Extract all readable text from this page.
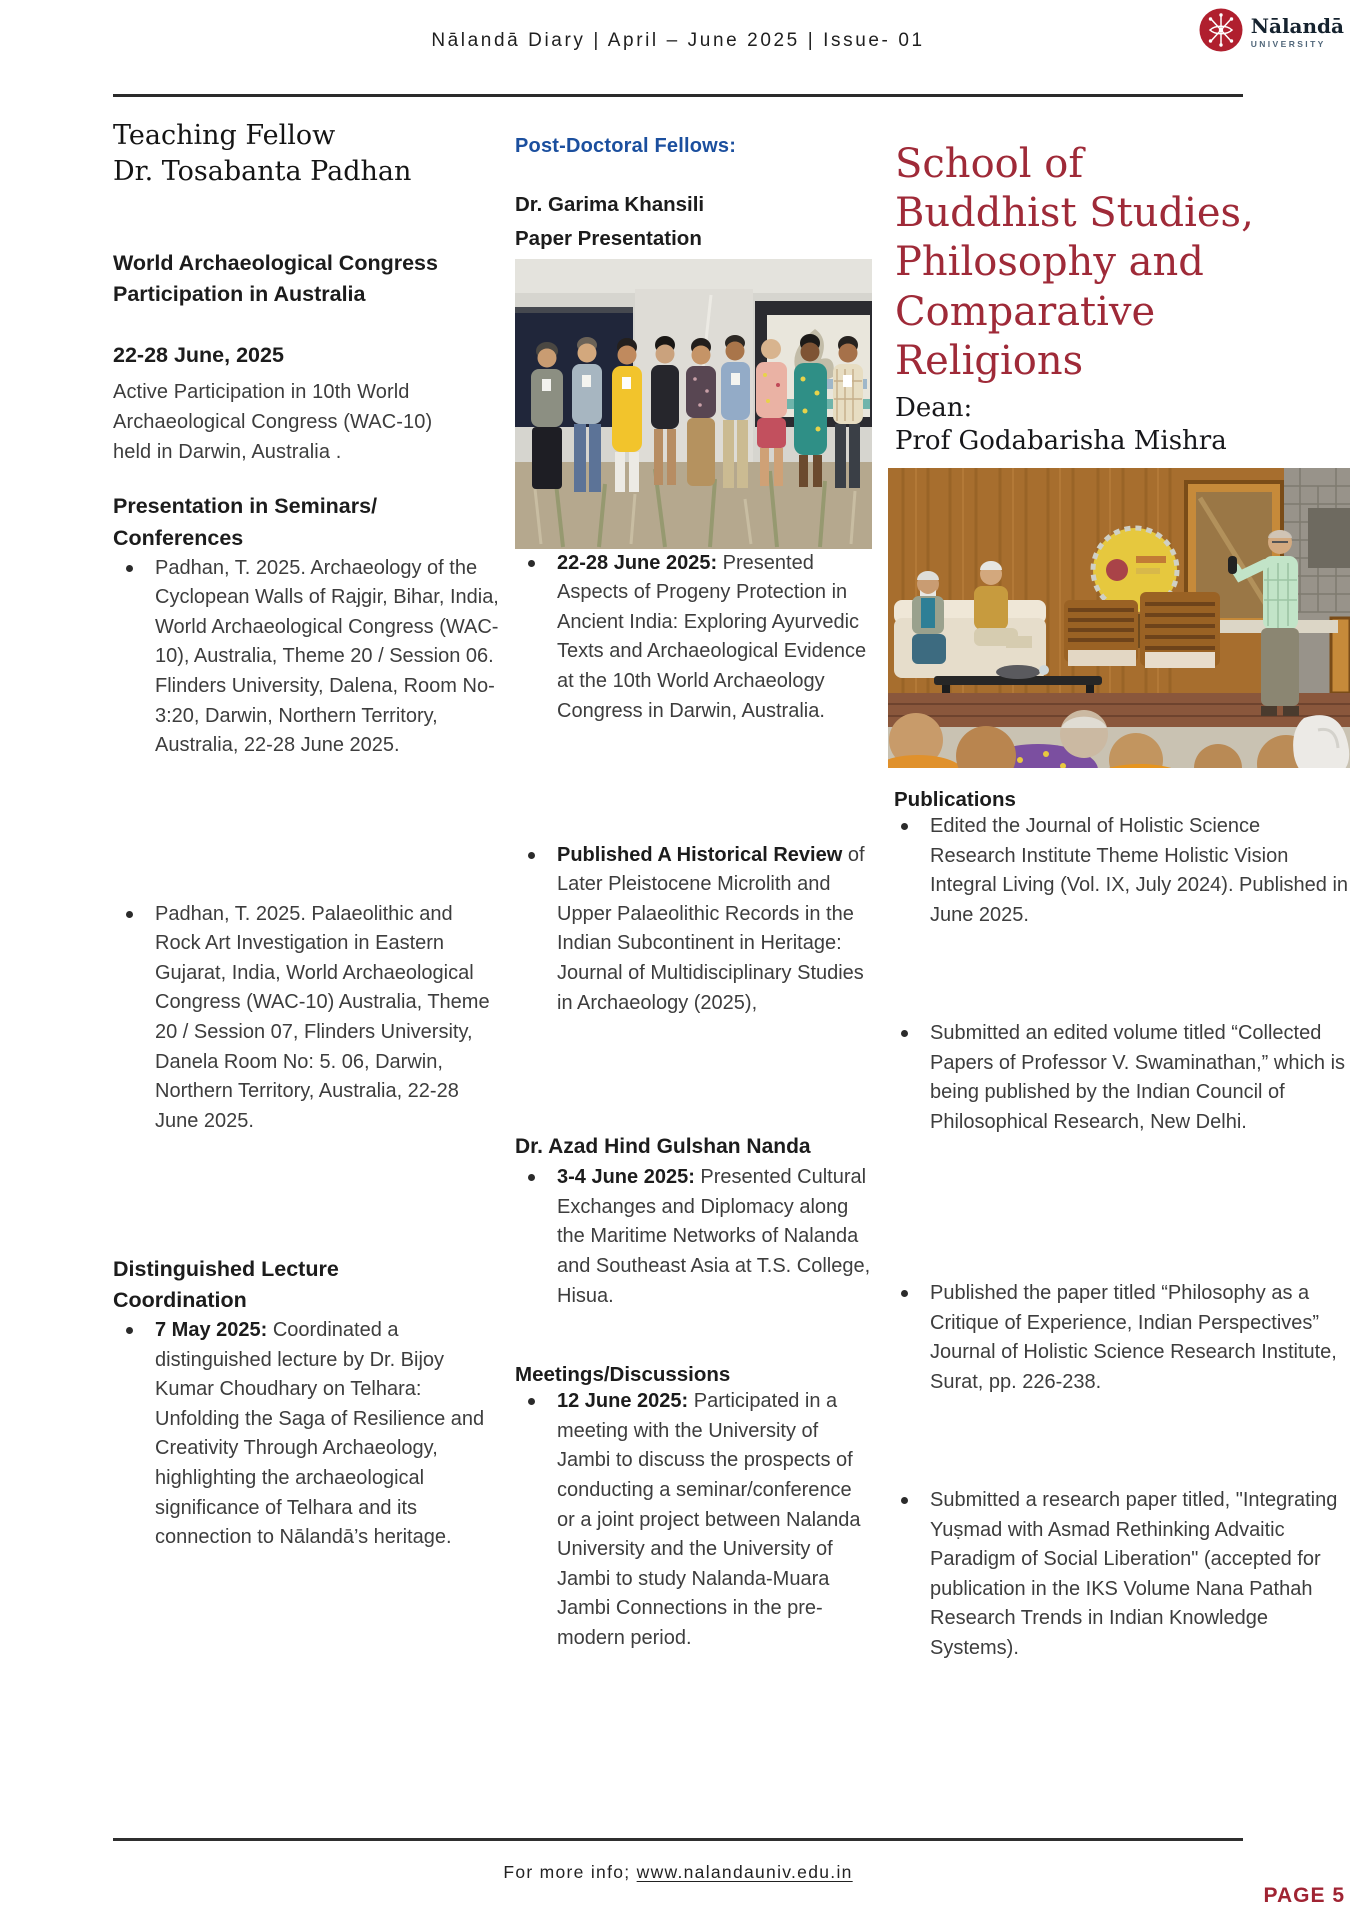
Nālandā Diary | April – June 2025 | Issue- 01
Nālandā
UNIVERSITY
Teaching Fellow
Dr. Tosabanta Padhan
World Archaeological Congress Participation in Australia
22-28 June, 2025
Active Participation in 10th World Archaeological Congress (WAC-10) held in Darwin, Australia .
Presentation in Seminars/
Conferences
Padhan, T. 2025. Archaeology of the Cyclopean Walls of Rajgir, Bihar, India, World Archaeological Congress (WAC-10), Australia, Theme 20 / Session 06. Flinders University, Dalena, Room No-3:20, Darwin, Northern Territory, Australia, 22-28 June 2025.
Padhan, T. 2025. Palaeolithic and Rock Art Investigation in Eastern Gujarat, India, World Archaeological Congress (WAC-10) Australia, Theme 20 / Session 07, Flinders University, Danela Room No: 5. 06, Darwin, Northern Territory, Australia, 22-28 June 2025.
Distinguished Lecture Coordination
7 May 2025: Coordinated a distinguished lecture by Dr. Bijoy Kumar Choudhary on Telhara: Unfolding the Saga of Resilience and Creativity Through Archaeology, highlighting the archaeological significance of Telhara and its connection to Nālandā’s heritage.
Post-Doctoral Fellows:
Dr. Garima Khansili
Paper Presentation
22-28 June 2025: Presented Aspects of Progeny Protection in Ancient India: Exploring Ayurvedic Texts and Archaeological Evidence at the 10th World Archaeology Congress in Darwin, Australia.
Published A Historical Review of Later Pleistocene Microlith and Upper Palaeolithic Records in the Indian Subcontinent in Heritage: Journal of Multidisciplinary Studies in Archaeology (2025),
Dr. Azad Hind Gulshan Nanda
3-4 June 2025: Presented Cultural Exchanges and Diplomacy along the Maritime Networks of Nalanda and Southeast Asia at T.S. College, Hisua.
Meetings/Discussions
12 June 2025: Participated in a meeting with the University of Jambi to discuss the prospects of conducting a seminar/conference or a joint project between Nalanda University and the University of Jambi to study Nalanda-Muara Jambi Connections in the pre-modern period.
School of
Buddhist Studies,
Philosophy and
Comparative
Religions
Dean:
Prof Godabarisha Mishra
Publications
Edited the Journal of Holistic Science Research Institute Theme Holistic Vision Integral Living (Vol. IX, July 2024). Published in June 2025.
Submitted an edited volume titled “Collected Papers of Professor V. Swaminathan,” which is being published by the Indian Council of Philosophical Research, New Delhi.
Published the paper titled “Philosophy as a Critique of Experience, Indian Perspectives” Journal of Holistic Science Research Institute, Surat, pp. 226-238.
Submitted a research paper titled, "Integrating Yuṣmad with Asmad Rethinking Advaitic Paradigm of Social Liberation" (accepted for publication in the IKS Volume Nana Pathah Research Trends in Indian Knowledge Systems).
For more info; www.nalandauniv.edu.in
PAGE 5
